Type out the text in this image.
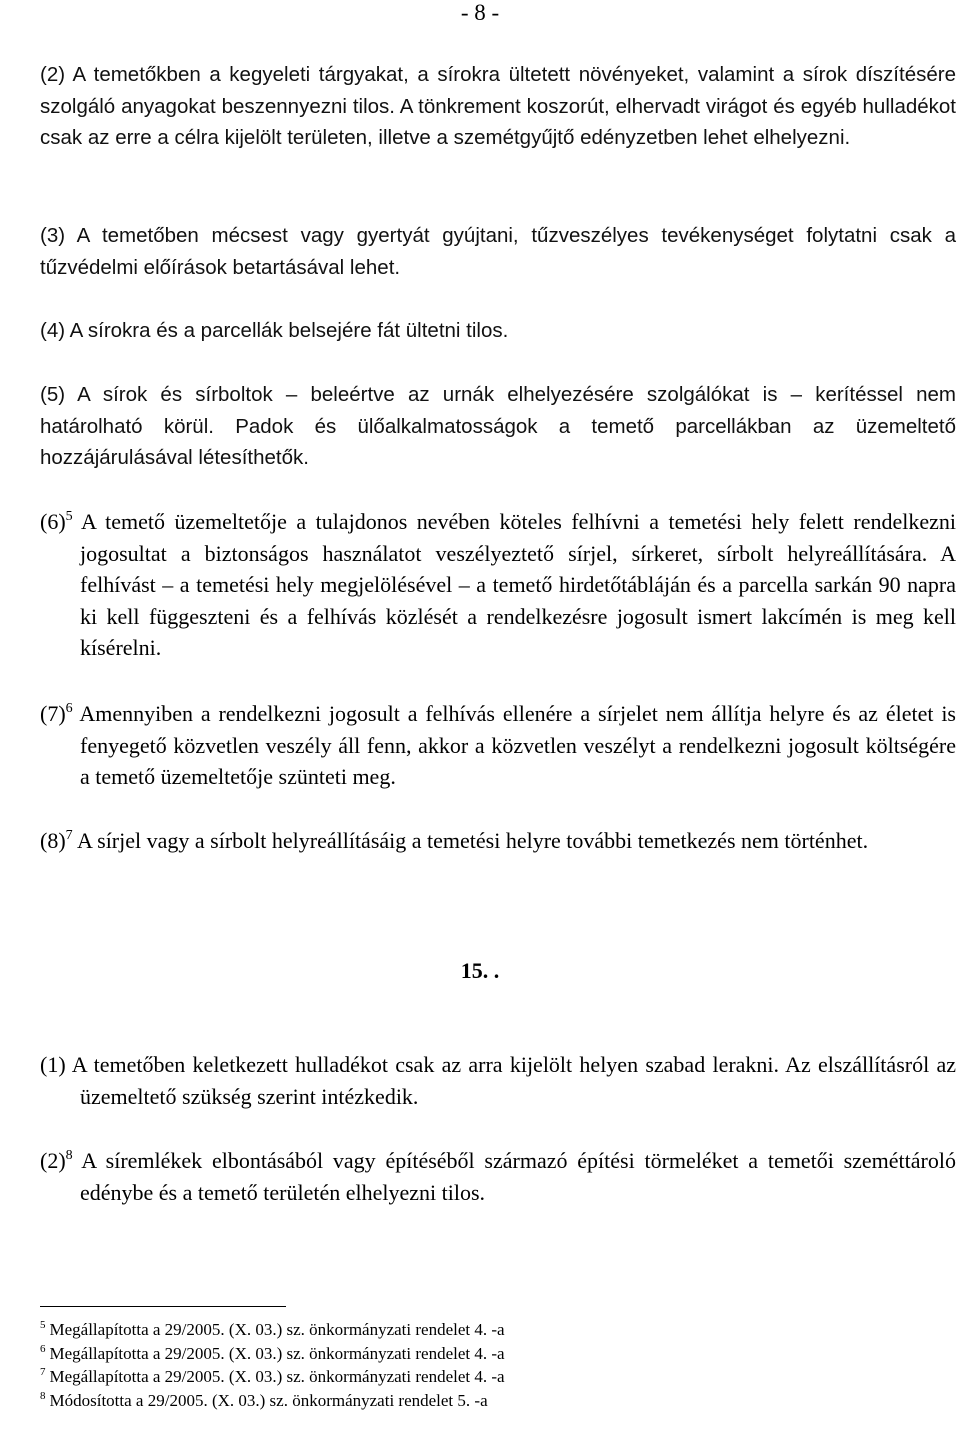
- 8 -
(2) A temetőkben a kegyeleti tárgyakat, a sírokra ültetett növényeket, valamint a sírok díszítésére szolgáló anyagokat beszennyezni tilos. A tönkrement koszorút, elhervadt virágot és egyéb hulladékot csak az erre a célra kijelölt területen, illetve a szemétgyűjtő edényzetben lehet elhelyezni.
(3) A temetőben mécsest vagy gyertyát gyújtani, tűzveszélyes tevékenységet folytatni csak a tűzvédelmi előírások betartásával lehet.
(4) A sírokra és a parcellák belsejére fát ültetni tilos.
(5) A sírok és sírboltok – beleértve az urnák elhelyezésére szolgálókat is – kerítéssel nem határolható körül. Padok és ülőalkalmatosságok a temető parcellákban az üzemeltető hozzájárulásával létesíthetők.
$(6)^5$ A temető üzemeltetője a tulajdonos nevében köteles felhívni a temetési hely felett rendelkezni jogosultat a biztonságos használatot veszélyeztető sírjel, sírkeret, sírbolt helyreállítására. A felhívást – a temetési hely megjelölésével – a temető hirdetőtábláján és a parcella sarkán 90 napra ki kell függeszteni és a felhívás közlését a rendelkezésre jogosult ismert lakcímén is meg kell kísérelni.
$(7)^6$ Amennyiben a rendelkezni jogosult a felhívás ellenére a sírjelet nem állítja helyre és az életet is fenyegető közvetlen veszély áll fenn, akkor a közvetlen veszélyt a rendelkezni jogosult költségére a temető üzemeltetője szünteti meg.
$(8)^7$ A sírjel vagy a sírbolt helyreállításáig a temetési helyre további temetkezés nem történhet.
15. .
(1) A temetőben keletkezett hulladékot csak az arra kijelölt helyen szabad lerakni. Az elszállításról az üzemeltető szükség szerint intézkedik.
$(2)^8$ A síremlékek elbontásából vagy építéséből származó építési törmeléket a temetői szeméttároló edénybe és a temető területén elhelyezni tilos.
$^5$ Megállapította a 29/2005. (X. 03.) sz. önkormányzati rendelet 4. -a
$^6$ Megállapította a 29/2005. (X. 03.) sz. önkormányzati rendelet 4. -a
$^7$ Megállapította a 29/2005. (X. 03.) sz. önkormányzati rendelet 4. -a
$^8$ Módosította a 29/2005. (X. 03.) sz. önkormányzati rendelet 5. -a
